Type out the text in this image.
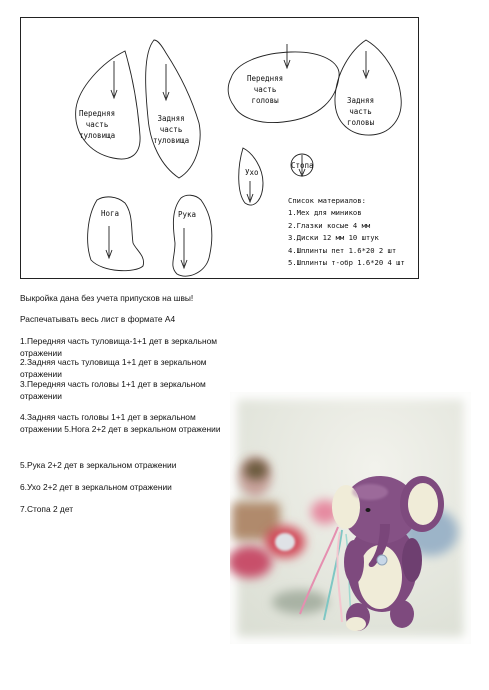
Передняя
часть
туловища
Задняя
часть
туловища
Передняя
часть
головы	Задняя
часть
головы
Ухо
Стопа
Нога	Рука
Список материалов:
1.Мех для миников
2.Глазки косые 4 мм
3.Диски 12 мм 10 штук
4.Шплинты пет 1.6*20 2 шт
5.Шплинты т-обр 1.6*20 4 шт
Выкройка дана без учета припусков на швы!
Распечатывать весь лист в формате А4
1.Передняя часть туловища-1+1 дет в зеркальном отражении
2.Задняя часть туловища 1+1 дет в зеркальном отражении
3.Передняя часть головы 1+1 дет в зеркальном отражении
4.Задняя часть головы 1+1 дет в зеркальном отражении 5.Нога 2+2 дет в зеркальном отражении
5.Рука 2+2 дет в зеркальном отражении
6.Ухо 2+2 дет в зеркальном отражении
7.Стопа 2 дет
